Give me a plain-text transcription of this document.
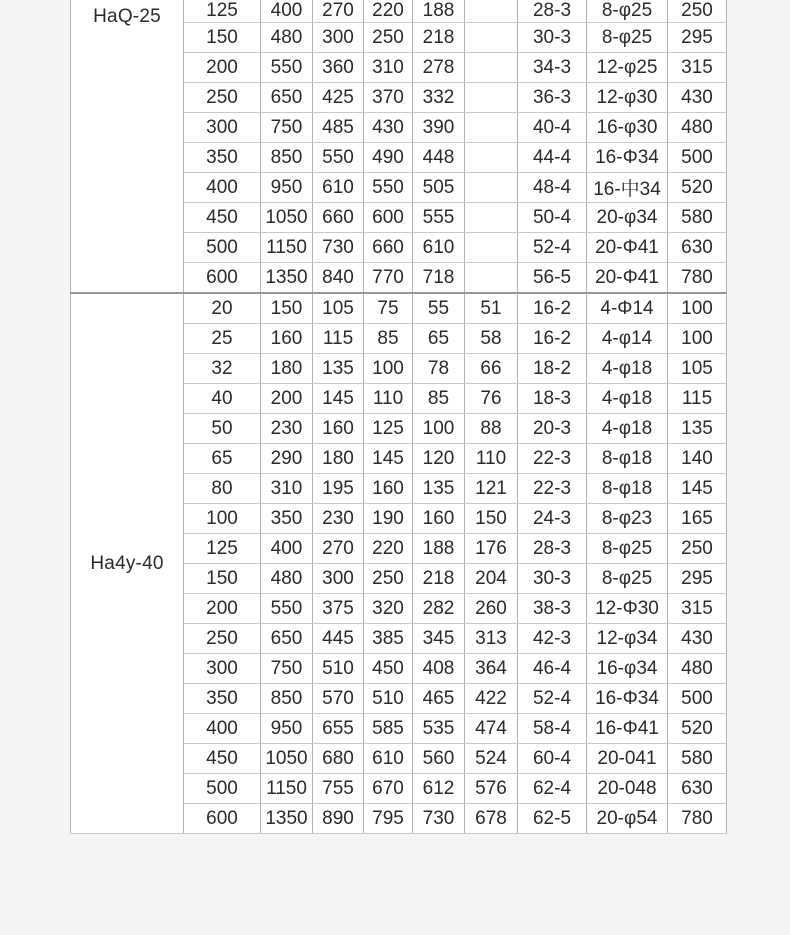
HaQ-25	125	400	270	220	188		28-3	8-φ25	250
	150	480	300	250	218		30-3	8-φ25	295
	200	550	360	310	278		34-3	12-φ25	315
	250	650	425	370	332		36-3	12-φ30	430
	300	750	485	430	390		40-4	16-φ30	480
	350	850	550	490	448		44-4	16-Φ34	500
	400	950	610	550	505		48-4	16-中34	520
	450	1050	660	600	555		50-4	20-φ34	580
	500	1150	730	660	610		52-4	20-Φ41	630
	600	1350	840	770	718		56-5	20-Φ41	780
Ha4y-40	20	150	105	75	55	51	16-2	4-Φ14	100
	25	160	115	85	65	58	16-2	4-φ14	100
	32	180	135	100	78	66	18-2	4-φ18	105
	40	200	145	110	85	76	18-3	4-φ18	115
	50	230	160	125	100	88	20-3	4-φ18	135
	65	290	180	145	120	110	22-3	8-φ18	140
	80	310	195	160	135	121	22-3	8-φ18	145
	100	350	230	190	160	150	24-3	8-φ23	165
	125	400	270	220	188	176	28-3	8-φ25	250
	150	480	300	250	218	204	30-3	8-φ25	295
	200	550	375	320	282	260	38-3	12-Φ30	315
	250	650	445	385	345	313	42-3	12-φ34	430
	300	750	510	450	408	364	46-4	16-φ34	480
	350	850	570	510	465	422	52-4	16-Φ34	500
	400	950	655	585	535	474	58-4	16-Φ41	520
	450	1050	680	610	560	524	60-4	20-041	580
	500	1150	755	670	612	576	62-4	20-048	630
	600	1350	890	795	730	678	62-5	20-φ54	780
